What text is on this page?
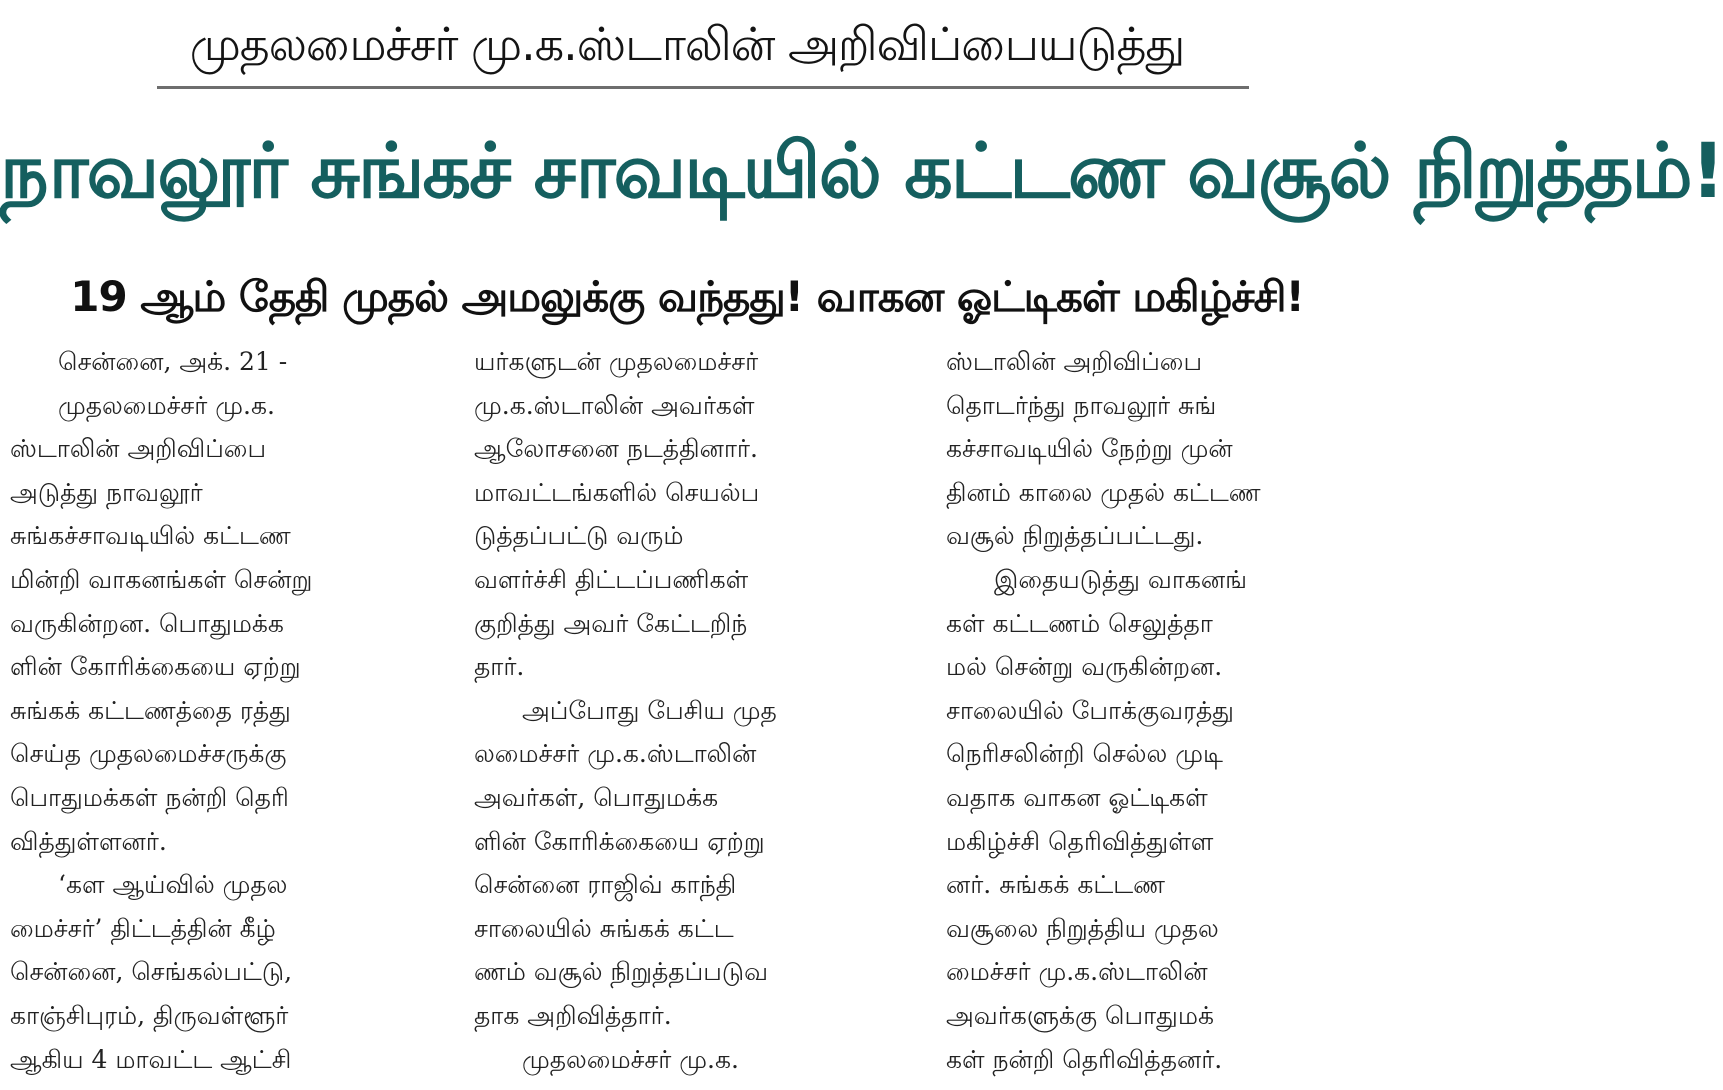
முதலமைச்சர் மு.க.ஸ்டாலின் அறிவிப்பையடுத்து
நாவலூர் சுங்கச் சாவடியில் கட்டண வசூல் நிறுத்தம்!
19 ஆம் தேதி முதல் அமலுக்கு வந்தது! வாகன ஓட்டிகள் மகிழ்ச்சி!

சென்னை, அக். 21 -

முதலமைச்சர் மு.க.

ஸ்டாலின் அறிவிப்பை

அடுத்து நாவலூர்

சுங்கச்சாவடியில் கட்டண

மின்றி வாகனங்கள் சென்று

வருகின்றன. பொதுமக்க

ளின் கோரிக்கையை ஏற்று

சுங்கக் கட்டணத்தை ரத்து

செய்த முதலமைச்சருக்கு

பொதுமக்கள் நன்றி தெரி

வித்துள்ளனர்.

‘கள ஆய்வில் முதல

மைச்சர்’ திட்டத்தின் கீழ்

சென்னை, செங்கல்பட்டு,

காஞ்சிபுரம், திருவள்ளூர்

ஆகிய 4 மாவட்ட ஆட்சி

யர்களுடன் முதலமைச்சர்

மு.க.ஸ்டாலின் அவர்கள்

ஆலோசனை நடத்தினார்.

மாவட்டங்களில் செயல்ப

டுத்தப்பட்டு வரும்

வளர்ச்சி திட்டப்பணிகள்

குறித்து அவர் கேட்டறிந்

தார்.

அப்போது பேசிய முத

லமைச்சர் மு.க.ஸ்டாலின்

அவர்கள், பொதுமக்க

ளின் கோரிக்கையை ஏற்று

சென்னை ராஜிவ் காந்தி

சாலையில் சுங்கக் கட்ட

ணம் வசூல் நிறுத்தப்படுவ

தாக அறிவித்தார்.

முதலமைச்சர் மு.க.

ஸ்டாலின் அறிவிப்பை

தொடர்ந்து நாவலூர் சுங்

கச்சாவடியில் நேற்று முன்

தினம் காலை முதல் கட்டண

வசூல் நிறுத்தப்பட்டது.

இதையடுத்து வாகனங்

கள் கட்டணம் செலுத்தா

மல் சென்று வருகின்றன.

சாலையில் போக்குவரத்து

நெரிசலின்றி செல்ல முடி

வதாக வாகன ஓட்டிகள்

மகிழ்ச்சி தெரிவித்துள்ள

னர். சுங்கக் கட்டண

வசூலை நிறுத்திய முதல

மைச்சர் மு.க.ஸ்டாலின்

அவர்களுக்கு பொதுமக்

கள் நன்றி தெரிவித்தனர்.
